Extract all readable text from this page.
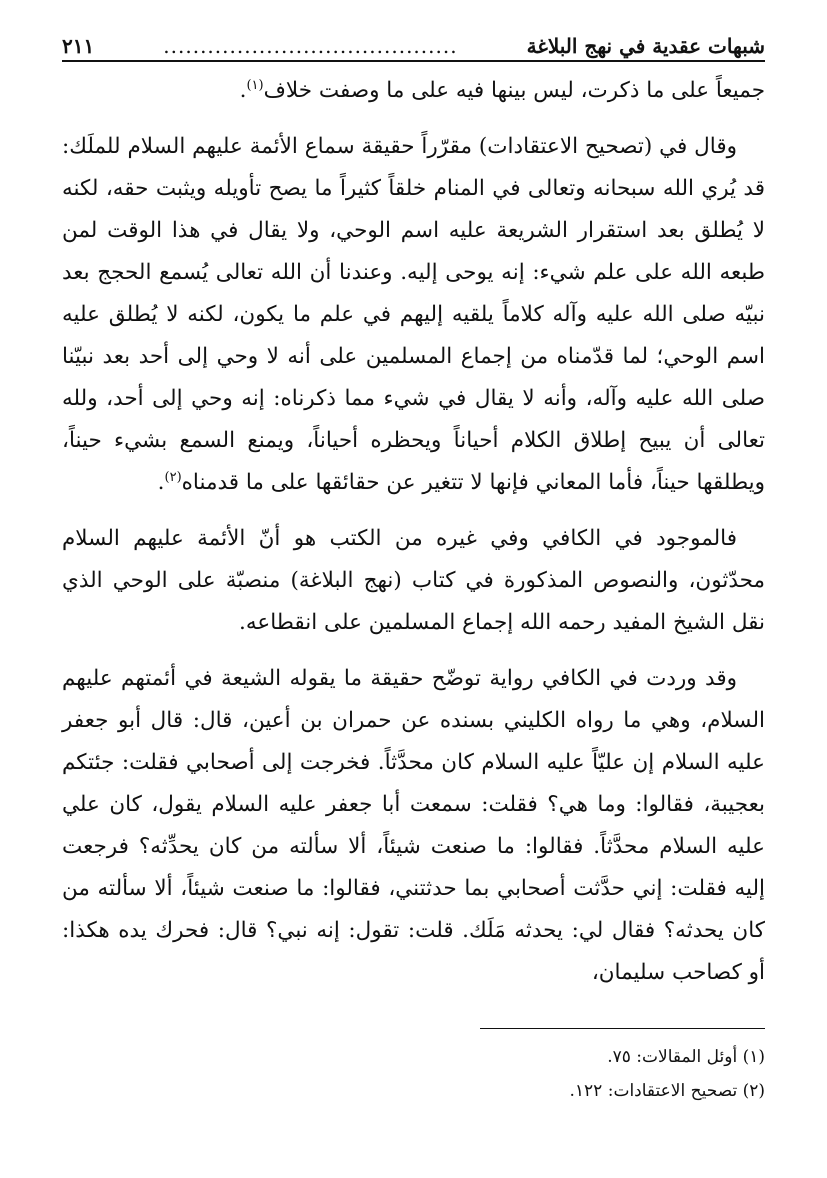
شبهات عقدية في نهج البلاغة
........................................
٢١١

جميعاً على ما ذكرت، ليس بينها فيه على ما وصفت خلاف$^{(١)}$.

وقال في (تصحيح الاعتقادات) مقرّراً حقيقة سماع الأئمة عليهم السلام للملَك: قد يُري الله سبحانه وتعالى في المنام خلقاً كثيراً ما يصح تأويله ويثبت حقه، لكنه لا يُطلق بعد استقرار الشريعة عليه اسم الوحي، ولا يقال في هذا الوقت لمن طبعه الله على علم شيء: إنه يوحى إليه. وعندنا أن الله تعالى يُسمع الحجج بعد نبيّه صلى الله عليه وآله كلاماً يلقيه إليهم في علم ما يكون، لكنه لا يُطلق عليه اسم الوحي؛ لما قدّمناه من إجماع المسلمين على أنه لا وحي إلى أحد بعد نبيّنا صلى الله عليه وآله، وأنه لا يقال في شيء مما ذكرناه: إنه وحي إلى أحد، ولله تعالى أن يبيح إطلاق الكلام أحياناً ويحظره أحياناً، ويمنع السمع بشيء حيناً، ويطلقها حيناً، فأما المعاني فإنها لا تتغير عن حقائقها على ما قدمناه$^{(٢)}$.

فالموجود في الكافي وفي غيره من الكتب هو أنّ الأئمة عليهم السلام محدّثون، والنصوص المذكورة في كتاب (نهج البلاغة) منصبّة على الوحي الذي نقل الشيخ المفيد رحمه الله إجماع المسلمين على انقطاعه.

وقد وردت في الكافي رواية توضّح حقيقة ما يقوله الشيعة في أئمتهم عليهم السلام، وهي ما رواه الكليني بسنده عن حمران بن أعين، قال: قال أبو جعفر عليه السلام إن عليّاً عليه السلام كان محدَّثاً. فخرجت إلى أصحابي فقلت: جئتكم بعجيبة، فقالوا: وما هي؟ فقلت: سمعت أبا جعفر عليه السلام يقول، كان علي عليه السلام محدَّثاً. فقالوا: ما صنعت شيئاً، ألا سألته من كان يحدِّثه؟ فرجعت إليه فقلت: إني حدَّثت أصحابي بما حدثتني، فقالوا: ما صنعت شيئاً، ألا سألته من كان يحدثه؟ فقال لي: يحدثه مَلَك. قلت: تقول: إنه نبي؟ قال: فحرك يده هكذا: أو كصاحب سليمان،

(١) أوئل المقالات: ٧٥.
(٢) تصحيح الاعتقادات: ١٢٢.
